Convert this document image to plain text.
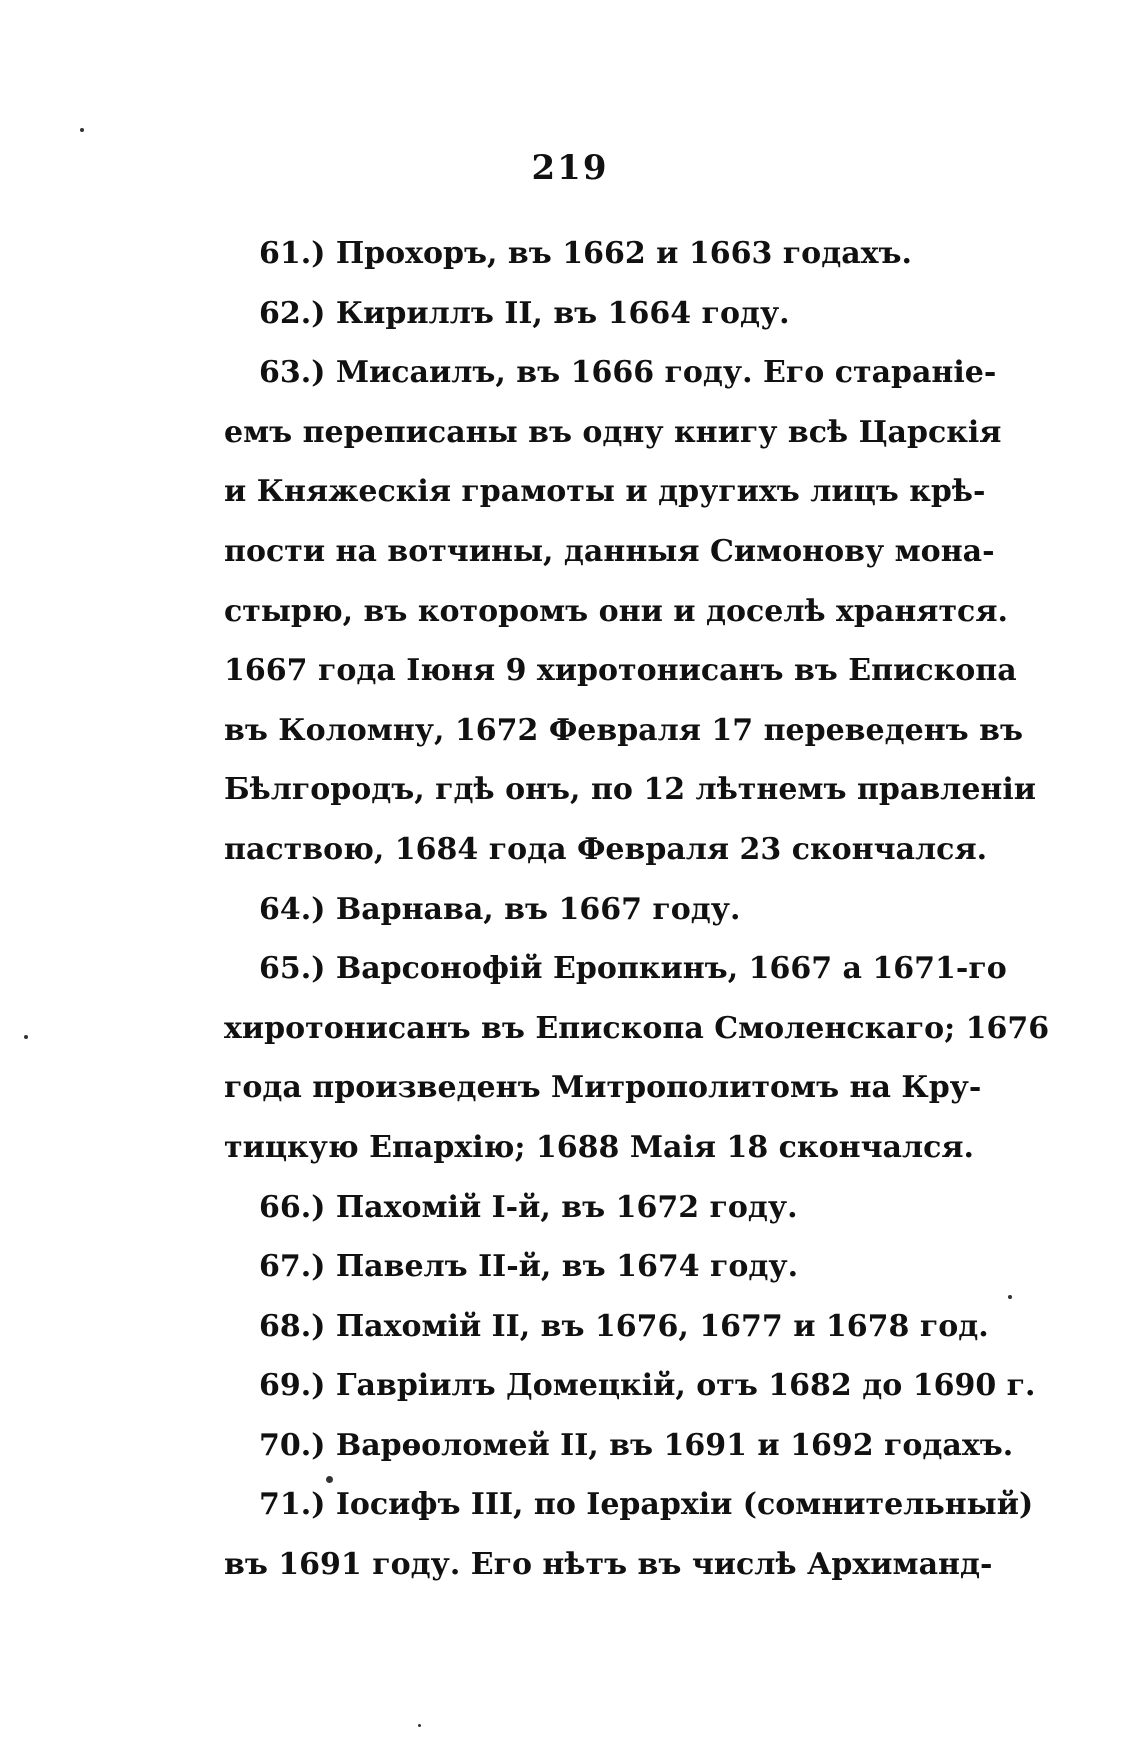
219
61.) Прохоръ, въ 1662 и 1663 годахъ.
62.) Кириллъ II, въ 1664 году.
63.) Мисаилъ, въ 1666 году. Его стараніе-
емъ переписаны въ одну книгу всѣ Царскія
и Княжескія грамоты и другихъ лицъ крѣ-
пости на вотчины, данныя Симонову мона-
стырю, въ которомъ они и доселѣ хранятся.
1667 года Іюня 9 хиротонисанъ въ Епископа
въ Коломну, 1672 Февраля 17 переведенъ въ
Бѣлгородъ, гдѣ онъ, по 12 лѣтнемъ правленіи
паствою, 1684 года Февраля 23 скончался.
64.) Варнава, въ 1667 году.
65.) Варсонофій Еропкинъ, 1667 а 1671-го
хиротонисанъ въ Епископа Смоленскаго; 1676
года произведенъ Митрополитомъ на Кру-
тицкую Епархію; 1688 Маія 18 скончался.
66.) Пахомій І-й, въ 1672 году.
67.) Павелъ II-й, въ 1674 году.
68.) Пахомій II, въ 1676, 1677 и 1678 год.
69.) Гавріилъ Домецкій, отъ 1682 до 1690 г.
70.) Варѳоломей II, въ 1691 и 1692 годахъ.
71.) Іосифъ III, по Іерархіи (сомнительный)
въ 1691 году. Его нѣтъ въ числѣ Архиманд-
